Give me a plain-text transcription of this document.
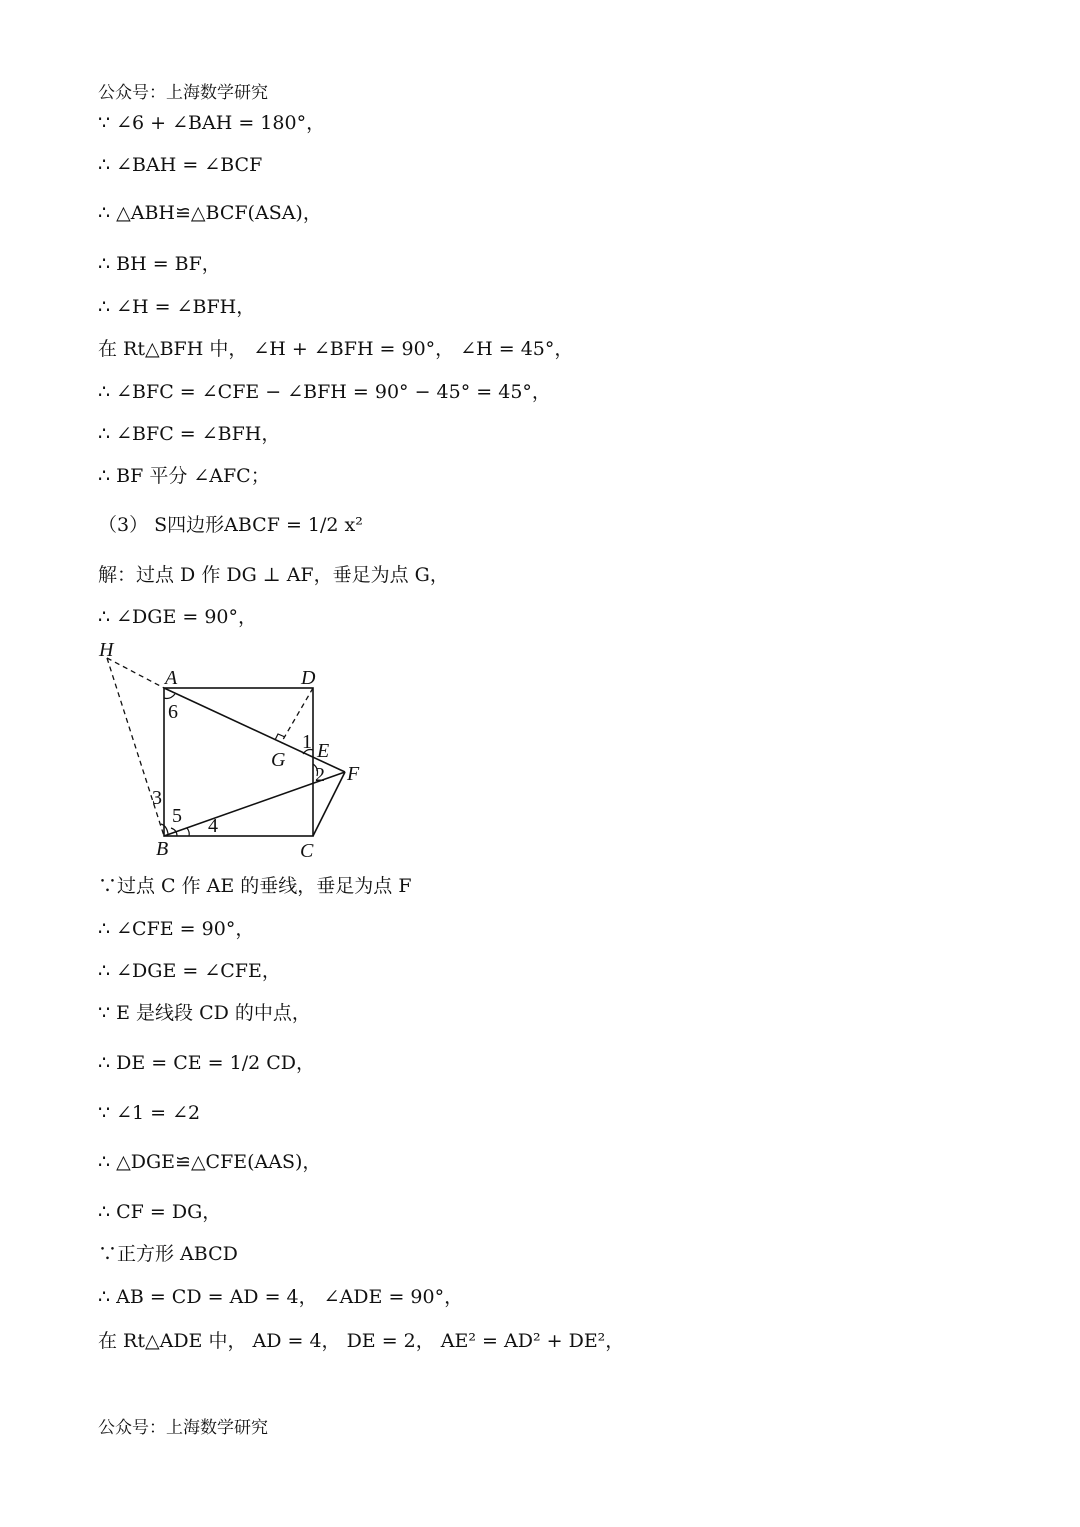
公众号：上海数学研究
∵ ∠6 + ∠BAH = 180°，
∴ ∠BAH = ∠BCF
∴ △ABH≌△BCF(ASA)，
∴ BH = BF，
∴ ∠H = ∠BFH，
在 Rt△BFH 中， ∠H + ∠BFH = 90°， ∠H = 45°，
∴ ∠BFC = ∠CFE − ∠BFH = 90° − 45° = 45°，
∴ ∠BFC = ∠BFH，
∴ BF 平分 ∠AFC；
（3） S四边形ABCF = 1/2 x²
解：过点 D 作 DG ⊥ AF，垂足为点 G，
∴ ∠DGE = 90°，
H
A	D
E
G
F
B	C
1
2
3
4
5
6
∵过点 C 作 AE 的垂线，垂足为点 F
∴ ∠CFE = 90°，
∴ ∠DGE = ∠CFE，
∵ E 是线段 CD 的中点，
∴ DE = CE = 1/2 CD，
∵ ∠1 = ∠2
∴ △DGE≌△CFE(AAS)，
∴ CF = DG，
∵正方形 ABCD
∴ AB = CD = AD = 4， ∠ADE = 90°，
在 Rt△ADE 中， AD = 4， DE = 2， AE² = AD² + DE²，
公众号：上海数学研究
